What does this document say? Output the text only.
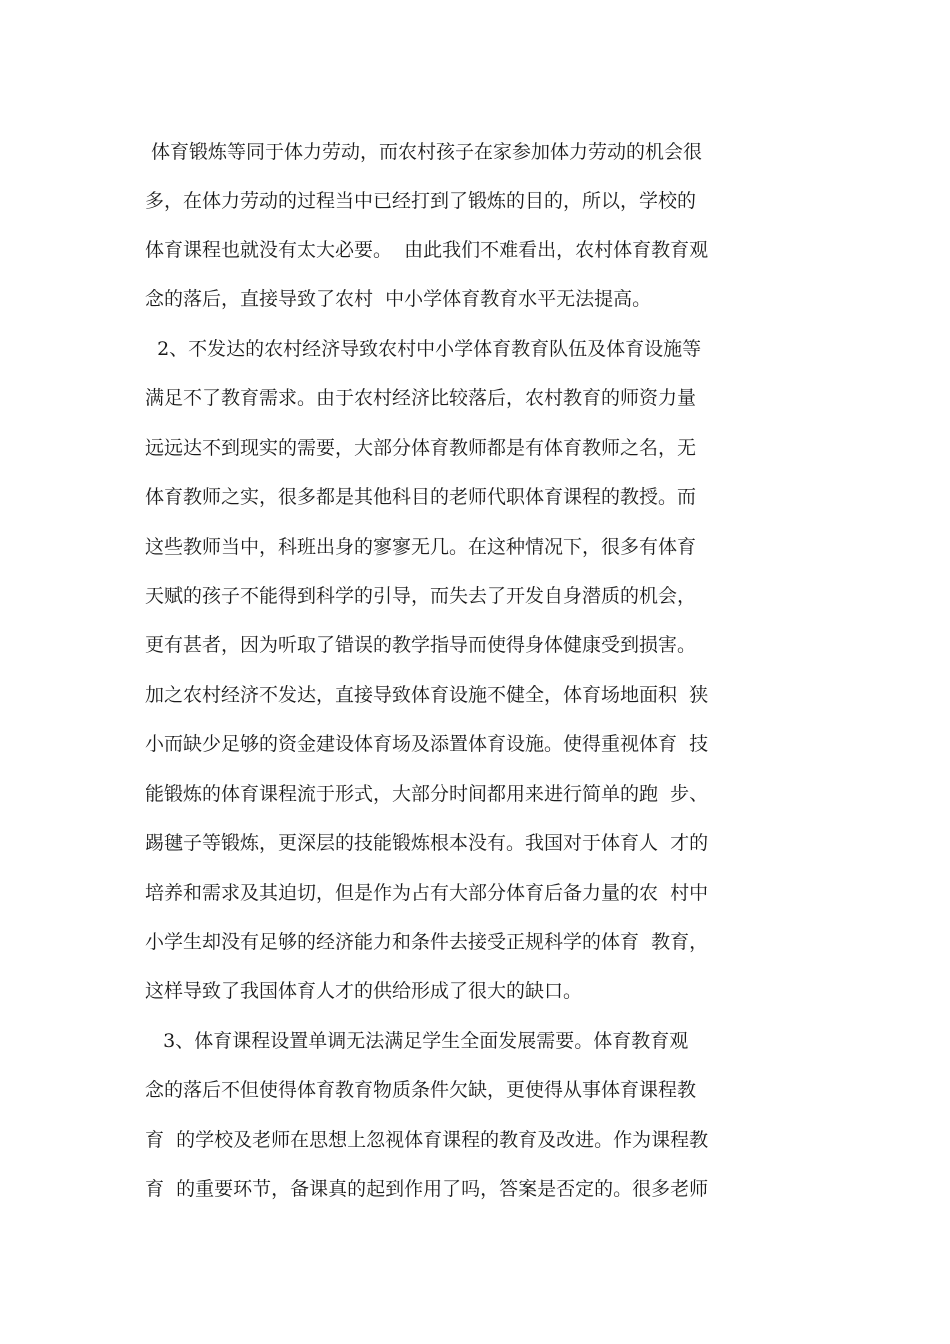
体育锻炼等同于体力劳动，而农村孩子在家参加体力劳动的机会很
多，在体力劳动的过程当中已经打到了锻炼的目的，所以，学校的
体育课程也就没有太大必要。  由此我们不难看出，农村体育教育观
念的落后，直接导致了农村  中小学体育教育水平无法提高。
2、不发达的农村经济导致农村中小学体育教育队伍及体育设施等
满足不了教育需求。由于农村经济比较落后，农村教育的师资力量
远远达不到现实的需要，大部分体育教师都是有体育教师之名，无
体育教师之实，很多都是其他科目的老师代职体育课程的教授。而
这些教师当中，科班出身的寥寥无几。在这种情况下，很多有体育
天赋的孩子不能得到科学的引导，而失去了开发自身潜质的机会，
更有甚者，因为听取了错误的教学指导而使得身体健康受到损害。
加之农村经济不发达，直接导致体育设施不健全，体育场地面积  狭
小而缺少足够的资金建设体育场及添置体育设施。使得重视体育  技
能锻炼的体育课程流于形式，大部分时间都用来进行简单的跑  步、
踢毽子等锻炼，更深层的技能锻炼根本没有。我国对于体育人  才的
培养和需求及其迫切，但是作为占有大部分体育后备力量的农  村中
小学生却没有足够的经济能力和条件去接受正规科学的体育  教育，
这样导致了我国体育人才的供给形成了很大的缺口。
3、体育课程设置单调无法满足学生全面发展需要。体育教育观
念的落后不但使得体育教育物质条件欠缺，更使得从事体育课程教
育  的学校及老师在思想上忽视体育课程的教育及改进。作为课程教
育  的重要环节，备课真的起到作用了吗，答案是否定的。很多老师
